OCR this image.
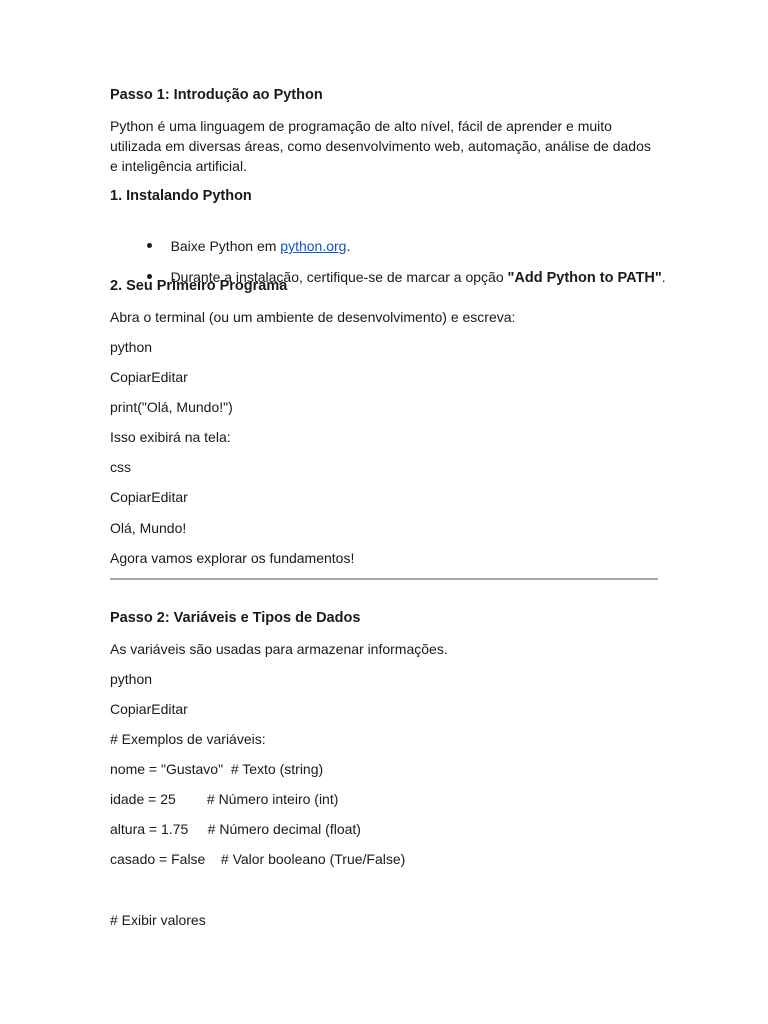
Passo 1: Introdução ao Python
Python é uma linguagem de programação de alto nível, fácil de aprender e muito utilizada em diversas áreas, como desenvolvimento web, automação, análise de dados e inteligência artificial.
1. Instalando Python

Baixe Python em python.org.

Durante a instalação, certifique-se de marcar a opção "Add Python to PATH".

2. Seu Primeiro Programa
Abra o terminal (ou um ambiente de desenvolvimento) e escreva:
python
CopiarEditar
print("Olá, Mundo!")
Isso exibirá na tela:
css
CopiarEditar
Olá, Mundo!
Agora vamos explorar os fundamentos!
Passo 2: Variáveis e Tipos de Dados
As variáveis são usadas para armazenar informações.
python
CopiarEditar
# Exemplos de variáveis:
nome = "Gustavo"  # Texto (string)
idade = 25        # Número inteiro (int)
altura = 1.75     # Número decimal (float)
casado = False    # Valor booleano (True/False)
# Exibir valores
